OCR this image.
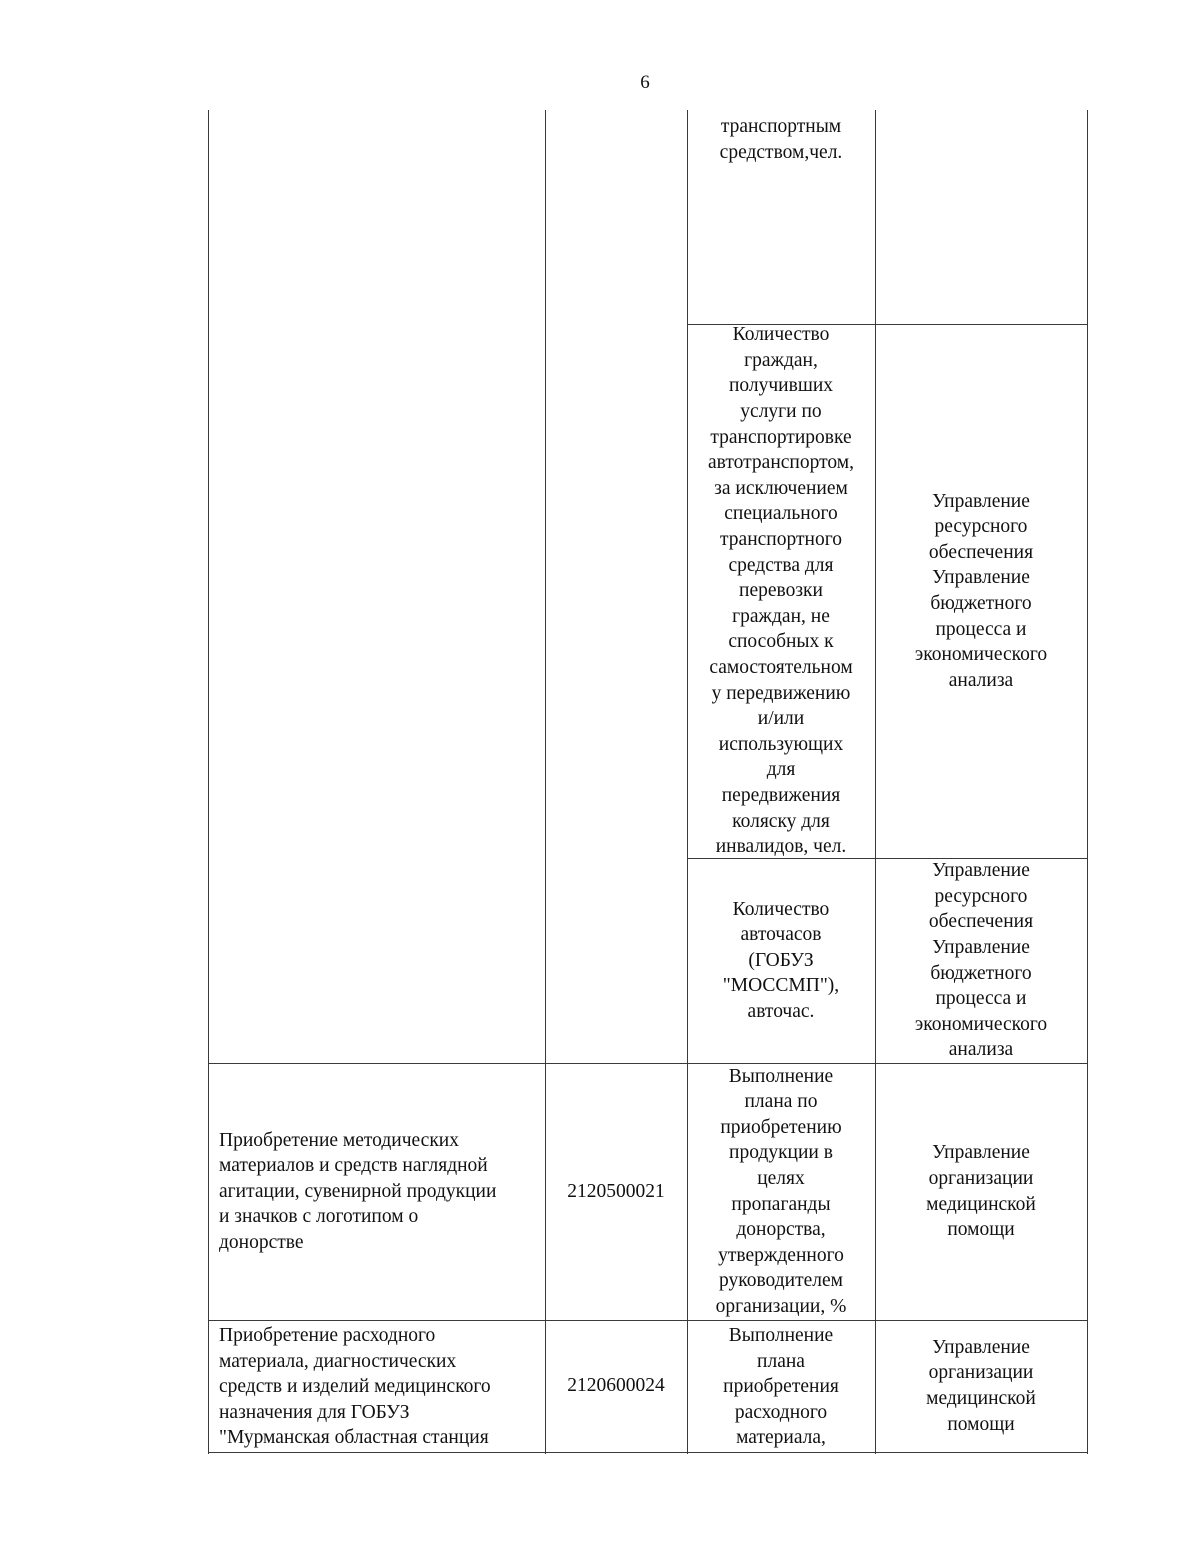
6
транспортным
средством,чел.
Количество
граждан,
получивших
услуги по
транспортировке
автотранспортом,
за исключением
специального
транспортного
средства для
перевозки
граждан, не
способных к
самостоятельном
у передвижению
и/или
использующих
для
передвижения
коляску для
инвалидов, чел.
Управление
ресурсного
обеспечения
Управление
бюджетного
процесса и
экономического
анализа
Количество
авточасов
(ГОБУЗ
"МОССМП"),
авточас.
Управление
ресурсного
обеспечения
Управление
бюджетного
процесса и
экономического
анализа
Приобретение методических
материалов и средств наглядной
агитации, сувенирной продукции
и значков с логотипом о
донорстве
2120500021
Выполнение
плана по
приобретению
продукции в
целях
пропаганды
донорства,
утвержденного
руководителем
организации, %
Управление
организации
медицинской
помощи
Приобретение расходного
материала, диагностических
средств и изделий медицинского
назначения для ГОБУЗ
"Мурманская областная станция
2120600024
Выполнение
плана
приобретения
расходного
материала,
Управление
организации
медицинской
помощи
